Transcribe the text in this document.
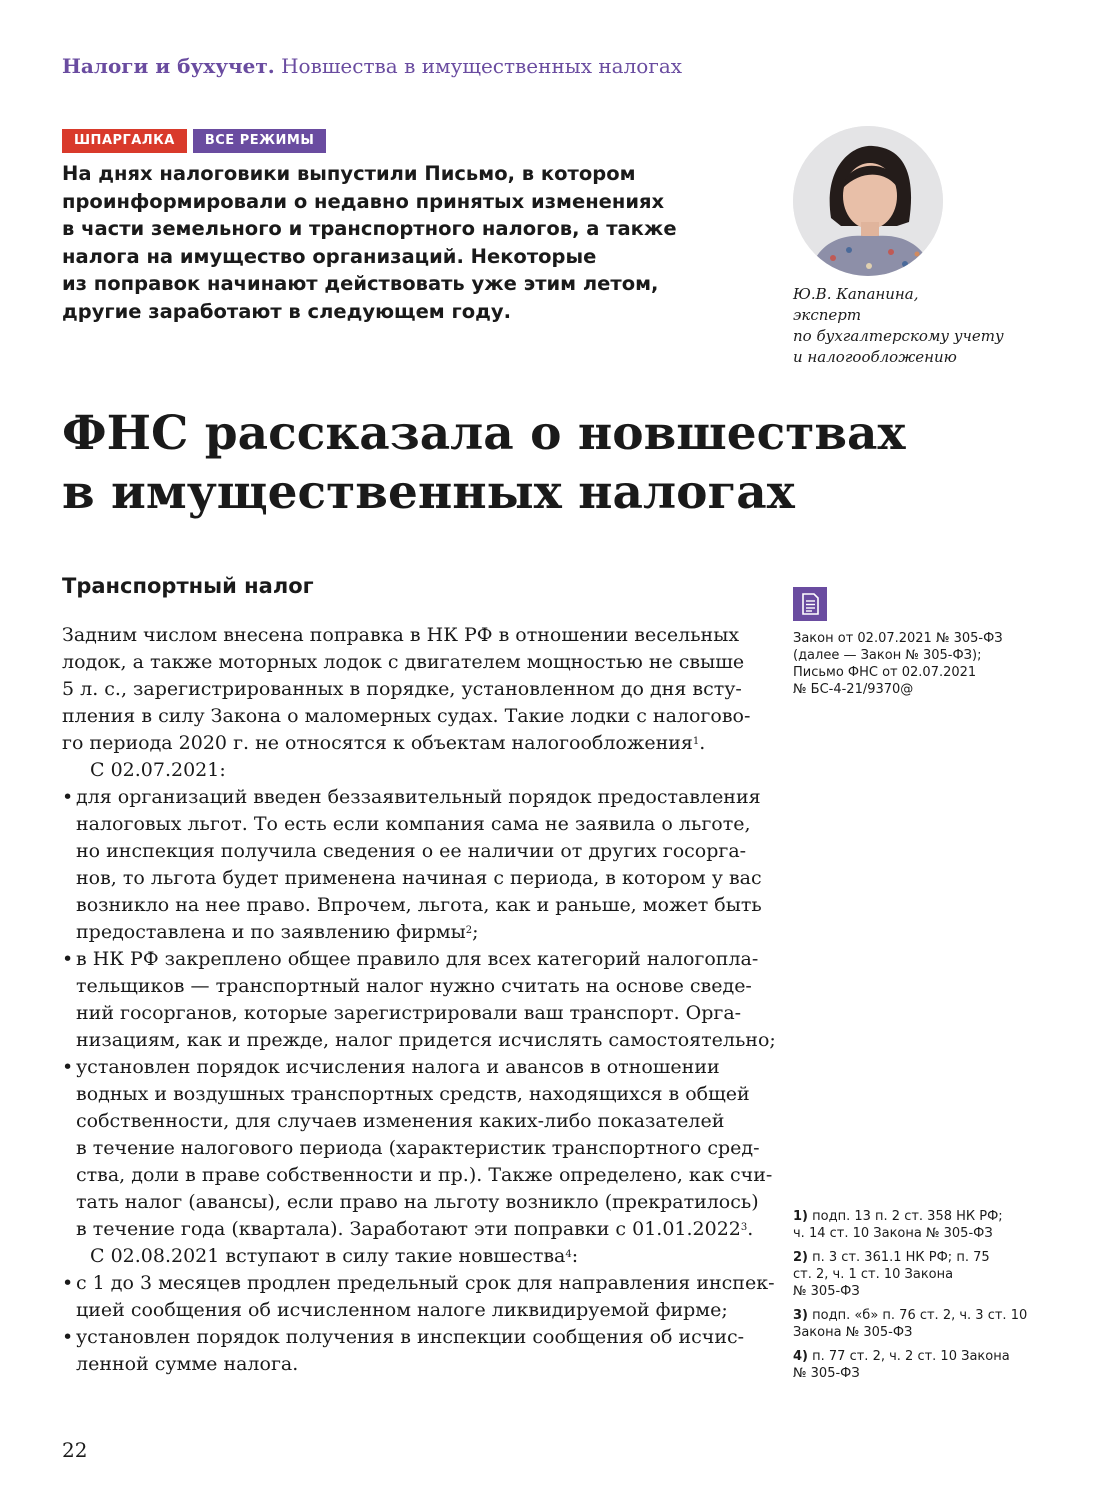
Налоги и бухучет. Новшества в имущественных налогах
ШПАРГАЛКА	ВСЕ РЕЖИМЫ

На днях налоговики выпустили Письмо, в котором
проинформировали о недавно принятых изменениях
в части земельного и транспортного налогов, а также
налога на имущество организаций. Некоторые
из поправок начинают действовать уже этим летом,
другие заработают в следующем году.

Ю.В. Капанина,
эксперт
по бухгалтерскому учету
и налогообложению
ФНС рассказала о новшествах
в имущественных налогах
Транспортный налог
Задним числом внесена поправка в НК РФ в отношении весельных
лодок, а также моторных лодок с двигателем мощностью не свыше
5 л. с., зарегистрированных в порядке, установленном до дня всту-
пления в силу Закона о маломерных судах. Такие лодки с налогово-
го периода 2020 г. не относятся к объектам налогообложения$^1$.
С 02.07.2021:
• для организаций введен беззаявительный порядок предоставления
налоговых льгот. То есть если компания сама не заявила о льготе,
но инспекция получила сведения о ее наличии от других госорга-
нов, то льгота будет применена начиная с периода, в котором у вас
возникло на нее право. Впрочем, льгота, как и раньше, может быть
предоставлена и по заявлению фирмы$^2$;
• в НК РФ закреплено общее правило для всех категорий налогопла-
тельщиков — транспортный налог нужно считать на основе сведе-
ний госорганов, которые зарегистрировали ваш транспорт. Орга-
низациям, как и прежде, налог придется исчислять самостоятельно;
• установлен порядок исчисления налога и авансов в отношении
водных и воздушных транспортных средств, находящихся в общей
собственности, для случаев изменения каких-либо показателей
в течение налогового периода (характеристик транспортного сред-
ства, доли в праве собственности и пр.). Также определено, как счи-
тать налог (авансы), если право на льготу возникло (прекратилось)
в течение года (квартала). Заработают эти поправки с 01.01.2022$^3$.
С 02.08.2021 вступают в силу такие новшества$^4$:
• с 1 до 3 месяцев продлен предельный срок для направления инспек-
цией сообщения об исчисленном налоге ликвидируемой фирме;
• установлен порядок получения в инспекции сообщения об исчис-
ленной сумме налога.
Закон от 02.07.2021 № 305-ФЗ
(далее — Закон № 305-ФЗ);
Письмо ФНС от 02.07.2021
№ БС-4-21/9370@
1) подп. 13 п. 2 ст. 358 НК РФ;
ч. 14 ст. 10 Закона № 305-ФЗ
2) п. 3 ст. 361.1 НК РФ; п. 75
ст. 2, ч. 1 ст. 10 Закона
№ 305-ФЗ
3) подп. «б» п. 76 ст. 2, ч. 3 ст. 10
Закона № 305-ФЗ
4) п. 77 ст. 2, ч. 2 ст. 10 Закона
№ 305-ФЗ
22
